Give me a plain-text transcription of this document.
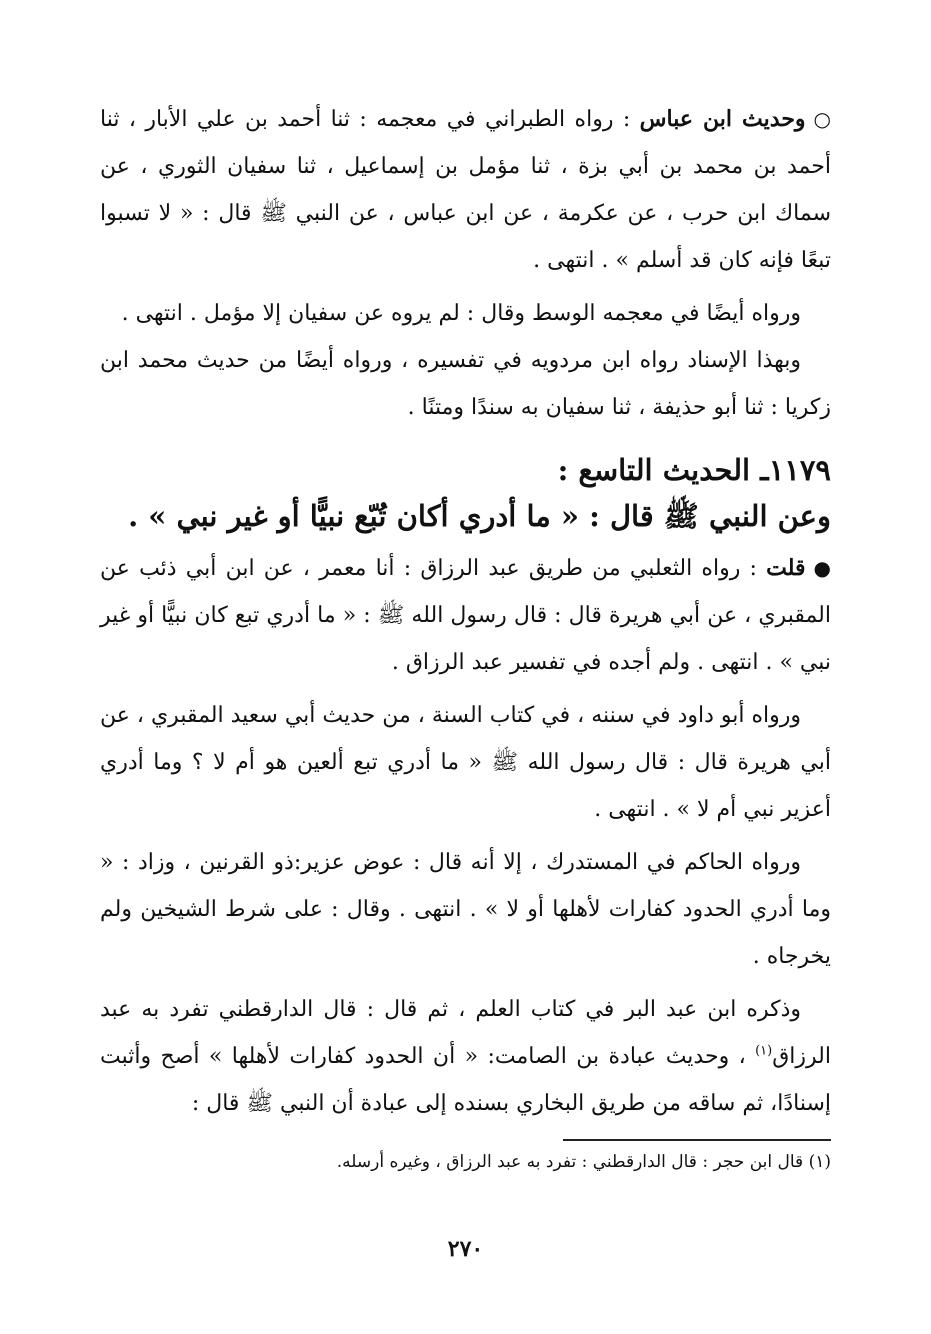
○وحديث ابن عباس : رواه الطبراني في معجمه : ثنا أحمد بن علي الأبار ، ثنا أحمد بن محمد بن أبي بزة ، ثنا مؤمل بن إسماعيل ، ثنا سفيان الثوري ، عن سماك ابن حرب ، عن عكرمة ، عن ابن عباس ، عن النبي ﷺ قال : « لا تسبوا تبعًا فإنه كان قد أسلم » . انتهى .

ورواه أيضًا في معجمه الوسط وقال : لم يروه عن سفيان إلا مؤمل . انتهى .

وبهذا الإسناد رواه ابن مردويه في تفسيره ، ورواه أيضًا من حديث محمد ابن زكريا : ثنا أبو حذيفة ، ثنا سفيان به سندًا ومتنًا .

١١٧٩ـ الحديث التاسع :
وعن النبي ﷺ قال : « ما أدري أكان تُبّع نبيًّا أو غير نبي » .

●قلت : رواه الثعلبي من طريق عبد الرزاق : أنا معمر ، عن ابن أبي ذئب عن المقبري ، عن أبي هريرة قال : قال رسول الله ﷺ : « ما أدري تبع كان نبيًّا أو غير نبي » . انتهى . ولم أجده في تفسير عبد الرزاق .

ورواه أبو داود في سننه ، في كتاب السنة ، من حديث أبي سعيد المقبري ، عن أبي هريرة قال : قال رسول الله ﷺ « ما أدري تبع ألعين هو أم لا ؟ وما أدري أعزير نبي أم لا » . انتهى .

ورواه الحاكم في المستدرك ، إلا أنه قال : عوض عزير:ذو القرنين ، وزاد : « وما أدري الحدود كفارات لأهلها أو لا » . انتهى . وقال : على شرط الشيخين ولم يخرجاه .

وذكره ابن عبد البر في كتاب العلم ، ثم قال : قال الدارقطني تفرد به عبد الرزاق$^{(١)}$ ، وحديث عبادة بن الصامت: « أن الحدود كفارات لأهلها » أصح وأثبت إسنادًا، ثم ساقه من طريق البخاري بسنده إلى عبادة أن النبي ﷺ قال :

(١) قال ابن حجر : قال الدارقطني : تفرد به عبد الرزاق ، وغيره أرسله.

٢٧٠
